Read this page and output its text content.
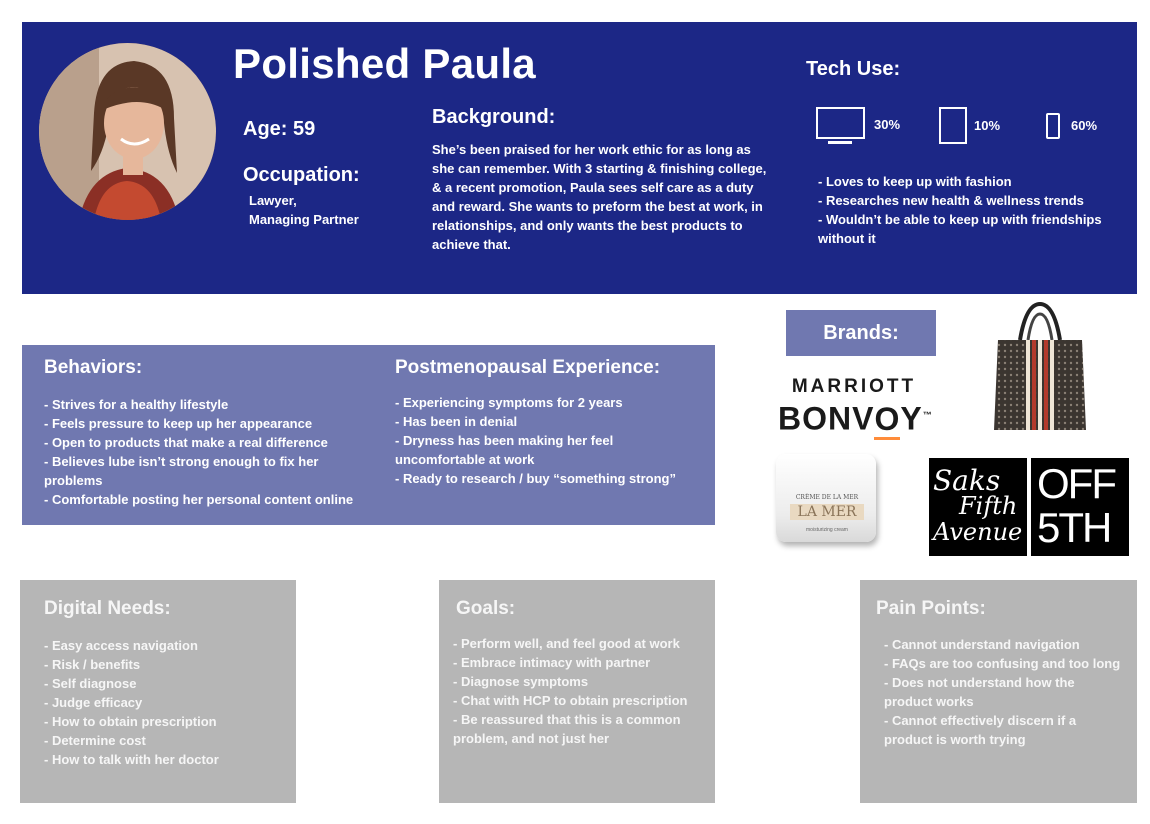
Polished Paula
Age: 59
Occupation:
Lawyer,
Managing Partner
Background:
She’s been praised for her work ethic for as long as she can remember. With 3 starting & finishing college, & a recent promotion, Paula sees self care as a duty and reward. She wants to preform the best at work, in relationships, and only wants the best products to achieve that.
Tech Use:
30%	10%	60%
- Loves to keep up with fashion
- Researches new health & wellness trends
- Wouldn’t be able to keep up with friendships without it
Behaviors:
- Strives for a healthy lifestyle
- Feels pressure to keep up her appearance
- Open to products that make a real difference
- Believes lube isn’t strong enough to fix her problems
- Comfortable posting her personal content online
Postmenopausal Experience:
- Experiencing symptoms for 2 years
- Has been in denial
- Dryness has been making her feel uncomfortable at work
- Ready to research / buy “something strong”
Brands:
MARRIOTT
BONVOY™
CRÈME DE LA MER
LA MER
moisturizing cream
Saks
Fifth
Avenue
OFF
5TH
Digital Needs:
- Easy access navigation
- Risk / benefits
- Self diagnose
- Judge efficacy
- How to obtain prescription
- Determine cost
- How to talk with her doctor
Goals:
- Perform well, and feel good at work
- Embrace intimacy with partner
- Diagnose symptoms
- Chat with HCP to obtain prescription
- Be reassured that this is a common problem, and not just her
Pain Points:
- Cannot understand navigation
- FAQs are too confusing and too long
- Does not understand how the product works
- Cannot effectively discern if a product is worth trying
